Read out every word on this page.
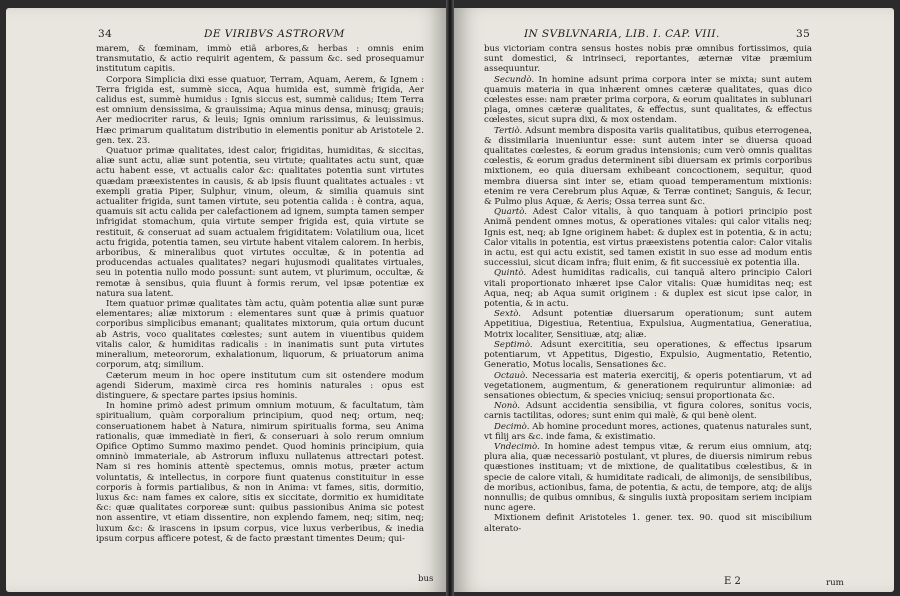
34	DE VIRIBVS ASTRORVM

marem, & fœminam, immò etiã arbores,& herbas : omnis enim transmutatio, & actio requirit agentem, & passum &c. sed prosequamur institutum capitis.

Corpora Simplicia dixi esse quatuor, Terram, Aquam, Aerem, & Ignem : Terra frigida est, summè sicca, Aqua humida est, summè frigida, Aer calidus est, summè humidus : Ignis siccus est, summè calidus; Item Terra est omnium densissima, & grauissima; Aqua minus densa, minusq; grauis; Aer mediocriter rarus, & leuis; Ignis omnium rarissimus, & leuissimus. Hæc primarum qualitatum distributio in elementis ponitur ab Aristotele 2. gen. tex. 23.

Quatuor primæ qualitates, idest calor, frigiditas, humiditas, & siccitas, aliæ sunt actu, aliæ sunt potentia, seu virtute; qualitates actu sunt, quæ actu habent esse, vt actualis calor &c: qualitates potentia sunt virtutes quædam præexistentes in causis, & ab ipsis fluunt qualitates actuales : vt exempli gratia Piper, Sulphur, vinum, oleum, & similia quamuis sint actualiter frigida, sunt tamen virtute, seu potentia calida : è contra, aqua, quamuis sit actu calida per calefactionem ad ignem, sumpta tamen semper infrigidat stomachum, quia virtute semper frigida est, quia virtute se restituit, & conseruat ad suam actualem frigiditatem: Volatilium oua, licet actu frigida, potentia tamen, seu virtute habent vitalem calorem. In herbis, arboribus, & mineralibus quot virtutes occultæ, & in potentia ad producendas actuales qualitates? negari hujusmodi qualitates virtuales, seu in potentia nullo modo possunt: sunt autem, vt plurimum, occultæ, & remotæ à sensibus, quia fluunt à formis rerum, vel ipsæ potentiæ ex natura sua latent.

Item quatuor primæ qualitates tàm actu, quàm potentia aliæ sunt puræ elementares; aliæ mixtorum : elementares sunt quæ à primis quatuor corporibus simplicibus emanant; qualitates mixtorum, quia ortum ducunt ab Astris, voco qualitates cœlestes; sunt autem in viuentibus quidem vitalis calor, & humiditas radicalis : in inanimatis sunt puta virtutes mineralium, meteororum, exhalationum, liquorum, & priuatorum anima corporum, atq; similium.

Cæterum meum in hoc opere institutum cum sit ostendere modum agendi Siderum, maximè circa res hominis naturales : opus est distinguere, & spectare partes ipsius hominis.

In homine primò adest primum omnium motuum, & facultatum, tàm spiritualium, quàm corporalium principium, quod neq; ortum, neq; conseruationem habet à Natura, nimirum spiritualis forma, seu Anima rationalis, quæ immediatè in fieri, & conseruari à solo rerum omnium Opifice Optimo Summo maximo pendet. Quod hominis principium, quia omninò immateriale, ab Astrorum influxu nullatenus attrectari potest. Nam si res hominis attentè spectemus, omnis motus, præter actum voluntatis, & intellectus, in corpore fiunt quatenus constituitur in esse corporis à formis partialibus, & non in Anima: vt fames, sitis, dormitio, luxus &c: nam fames ex calore, sitis ex siccitate, dormitio ex humiditate &c: quæ qualitates corporeæ sunt: quibus passionibus Anima sic potest non assentire, vt etiam dissentire, non explendo famem, neq; sitim, neq; luxum &c: & irascens in ipsum corpus, vice luxus verberibus, & inedia ipsum corpus afficere potest, & de facto præstant timentes Deum; qui-

bus
IN SVBLVNARIA, LIB. I. CAP. VIII.	35

bus victoriam contra sensus hostes nobis præ omnibus fortissimos, quia sunt domestici, & intrinseci, reportantes, æternæ vitæ præmium assequuntur.

Secundò. In homine adsunt prima corpora inter se mixta; sunt autem quamuis materia in qua inhærent omnes cæteræ qualitates, quas dico cœlestes esse: nam præter prima corpora, & eorum qualitates in sublunari plaga, omnes cæteræ qualitates, & effectus, sunt qualitates, & effectus cœlestes, sicut supra dixi, & mox ostendam.

Tertiò. Adsunt membra disposita variis qualitatibus, quibus eterrogenea, & dissimilaria inueniuntur esse: sunt autem inter se diuersa quoad qualitates cœlestes, & eorum gradus intensionis; cum verò omnis qualitas cœlestis, & eorum gradus determinent sibi diuersam ex primis corporibus mixtionem, eo quia diuersam exhibeant concoctionem, sequitur, quod membra diuersa sint inter se, etiam quoad temperamentum mixtionis: etenim re vera Cerebrum plus Aquæ, & Terræ continet; Sanguis, & Iecur, & Pulmo plus Aquæ, & Aeris; Ossa terrea sunt &c.

Quartò. Adest Calor vitalis, à quo tanquam à potiori principio post Animã pendent omnes motus, & operationes vitales: qui calor vitalis neq; Ignis est, neq; ab Igne originem habet: & duplex est in potentia, & in actu; Calor vitalis in potentia, est virtus præexistens potentia calor: Calor vitalis in actu, est qui actu existit, sed tamen existit in suo esse ad modum entis successiui, sicut dicam infra; fluit enim, & fit successiuè ex potentia illa.

Quintò. Adest humiditas radicalis, cui tanquã altero principio Calori vitali proportionato inhæret ipse Calor vitalis: Quæ humiditas neq; est Aqua, neq; ab Aqua sumit originem : & duplex est sicut ipse calor, in potentia, & in actu.

Sextò. Adsunt potentiæ diuersarum operationum; sunt autem Appetitiua, Digestiua, Retentiua, Expulsiua, Augmentatiua, Generatiua, Motrix localiter, Sensitiuæ, atq; aliæ.

Septimò. Adsunt exercititia, seu operationes, & effectus ipsarum potentiarum, vt Appetitus, Digestio, Expulsio, Augmentatio, Retentio, Generatio, Motus localis, Sensationes &c.

Octauò. Necessaria est materia exercitij, & operis potentiarum, vt ad vegetationem, augmentum, & generationem requiruntur alimoniæ: ad sensationes obiectum, & species vniciuq; sensui proportionata &c.

Nonò. Adsunt accidentia sensibilia, vt figura colores, sonitus vocis, carnis tactilitas, odores; sunt enim qui malè, & qui benè olent.

Decimò. Ab homine procedunt mores, actiones, quatenus naturales sunt, vt filij ars &c. inde fama, & existimatio.

Vndecimò. In homine adest tempus vitæ, & rerum eius omnium, atq; plura alia, quæ necessariò postulant, vt plures, de diuersis nimirum rebus quæstiones instituam; vt de mixtione, de qualitatibus cœlestibus, & in specie de calore vitali, & humiditate radicali, de alimonijs, de sensibilibus, de moribus, actionibus, fama, de potentia, & actu, de tempore, atq; de alijs nonnullis; de quibus omnibus, & singulis iuxtà propositam seriem incipiam nunc agere.

Mixtionem definit Aristoteles 1. gener. tex. 90. quod sit miscibilium alterato-

E 2	rum
